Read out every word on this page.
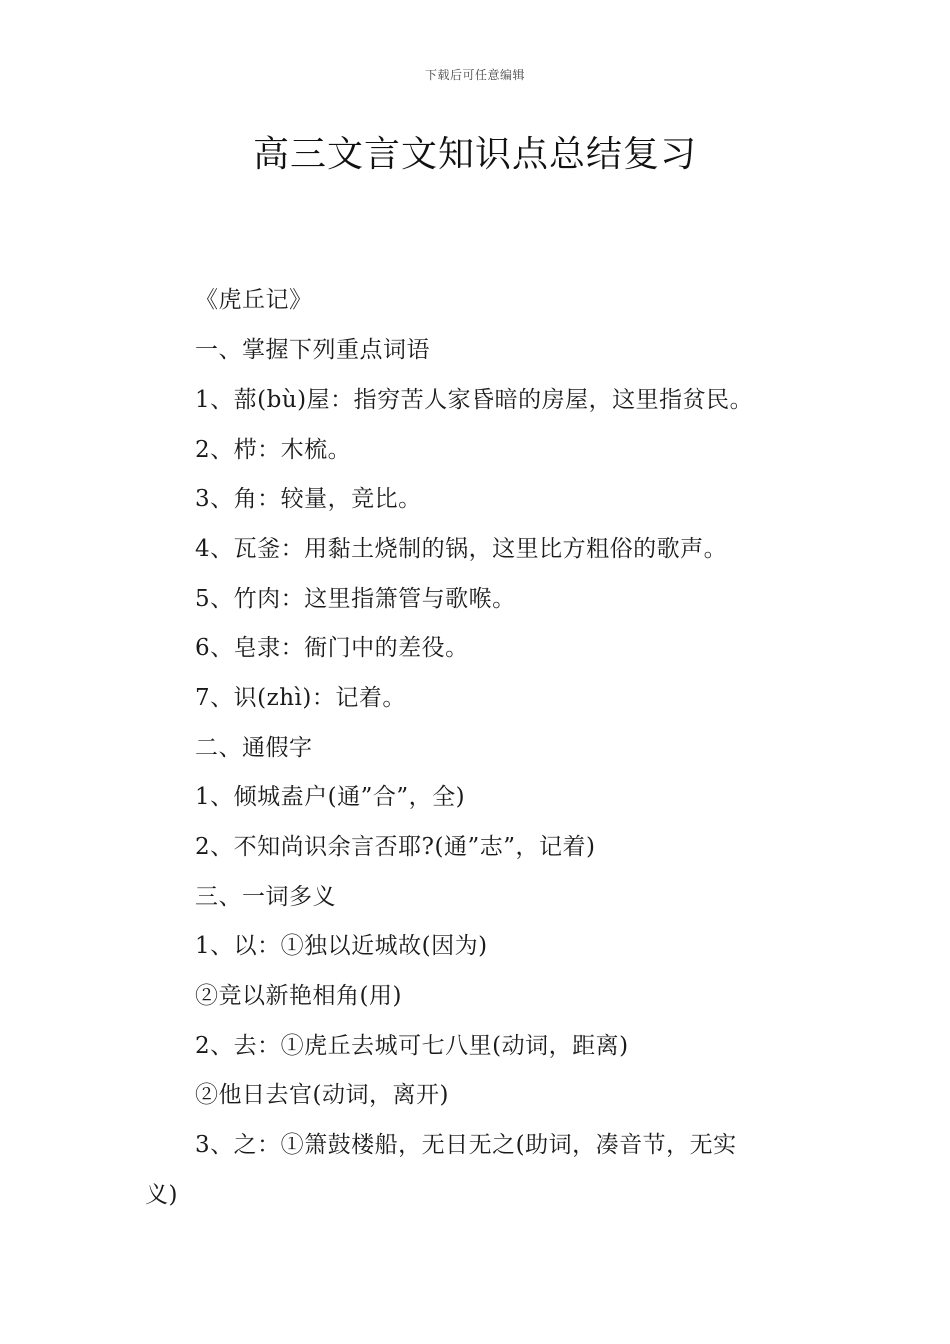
下载后可任意编辑
高三文言文知识点总结复习
《虎丘记》
一、掌握下列重点词语
1、蔀(bù)屋：指穷苦人家昏暗的房屋，这里指贫民。
2、栉：木梳。
3、角：较量，竞比。
4、瓦釜：用黏土烧制的锅，这里比方粗俗的歌声。
5、竹肉：这里指箫管与歌喉。
6、皂隶：衙门中的差役。
7、识(zhì)：记着。
二、通假字
1、倾城盍户(通”合”，全)
2、不知尚识余言否耶?(通”志”，记着)
三、一词多义
1、以：①独以近城故(因为)
②竞以新艳相角(用)
2、去：①虎丘去城可七八里(动词，距离)
②他日去官(动词，离开)
3、之：①箫鼓楼船，无日无之(助词，凑音节，无实
义)
